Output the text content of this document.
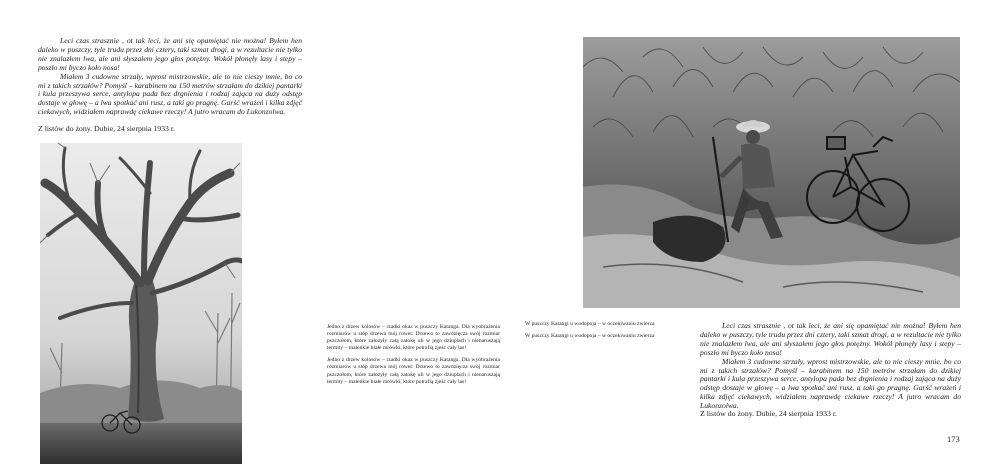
Leci czas strasznie , ot tak leci, że ani się opamiętać nie można! Byłem hen daleko w puszczy, tyle trudu przez dni cztery, taki szmat drogi, a w rezultacie nie tylko nie znalazłem lwa, ale ani słyszałem jego głos potężny. Wokół płonęły lasy i stepy – poszło mi byczo koło nosa!

Miałem 3 cudowne strzały, wprost mistrzowskie, ale to nie cieszy mnie, bo co mi z takich strzałów? Pomyśl – karabinem na 150 metrów strzałam do dzikiej pantarki i kula przeszywa serce, antylopa pada bez drgnienia i rodzaj zająca na duży odstęp dostaje w głowę – a lwa spotkać ani rusz, a taki go pragnę. Garść wrażeń i kilka zdjęć ciekawych, widziałem naprawdę ciekawe rzeczy! A jutro wracam do Lukonzolwa.

Z listów do żony. Dubie, 24 sierpnia 1933 r.

Jedno z drzew kolosów – rzadki okaz w puszczy Katanga. Dla wyobrażenia rozmiarów u stóp drzewa mój rower. Drzewo to zawdzięcza swój rozmiar pszczołom, które założyły całą zatokę uli w jego dziuplach i nienaruszają termity – maleńkie białe mrówki, które potrafią zjeść cały las!

Jedno z drzew kolosów – rzadki okaz w puszczy Katanga. Dla wyobrażenia rozmiarów u stóp drzewa mój rower. Drzewo to zawdzięcza swój rozmiar pszczołom, które założyły całą zatokę uli w jego dziuplach i nienaruszają termity – maleńkie białe mrówki, które potrafią zjeść cały las!

W puszczy Katangi u wodopoja – w oczekiwaniu zwierza

W puszczy Katangi u wodopoja – w oczekiwaniu zwierza

Leci czas strasznie , ot tak leci, że ani się opamiętać nie można! Byłem hen daleko w puszczy, tyle trudu przez dni cztery, taki szmat drogi, a w rezultacie nie tylko nie znalazłem lwa, ale ani słyszałem jego głos potężny. Wokół płonęły lasy i stepy – poszło mi byczo koło nosa!

Miałem 3 cudowne strzały, wprost mistrzowskie, ale to nie cieszy mnie, bo co mi z takich strzałów? Pomyśl – karabinem na 150 metrów strzałam do dzikiej pantarki i kula przeszywa serce, antylopa pada bez drgnienia i rodzaj zająca na duży odstęp dostaje w głowę – a lwa spotkać ani rusz, a taki go pragnę. Garść wrażeń i kilka zdjęć ciekawych, widziałem naprawdę ciekawe rzeczy! A jutro wracam do Lukonzolwa.

Z listów do żony. Dubie, 24 sierpnia 1933 r.
173
